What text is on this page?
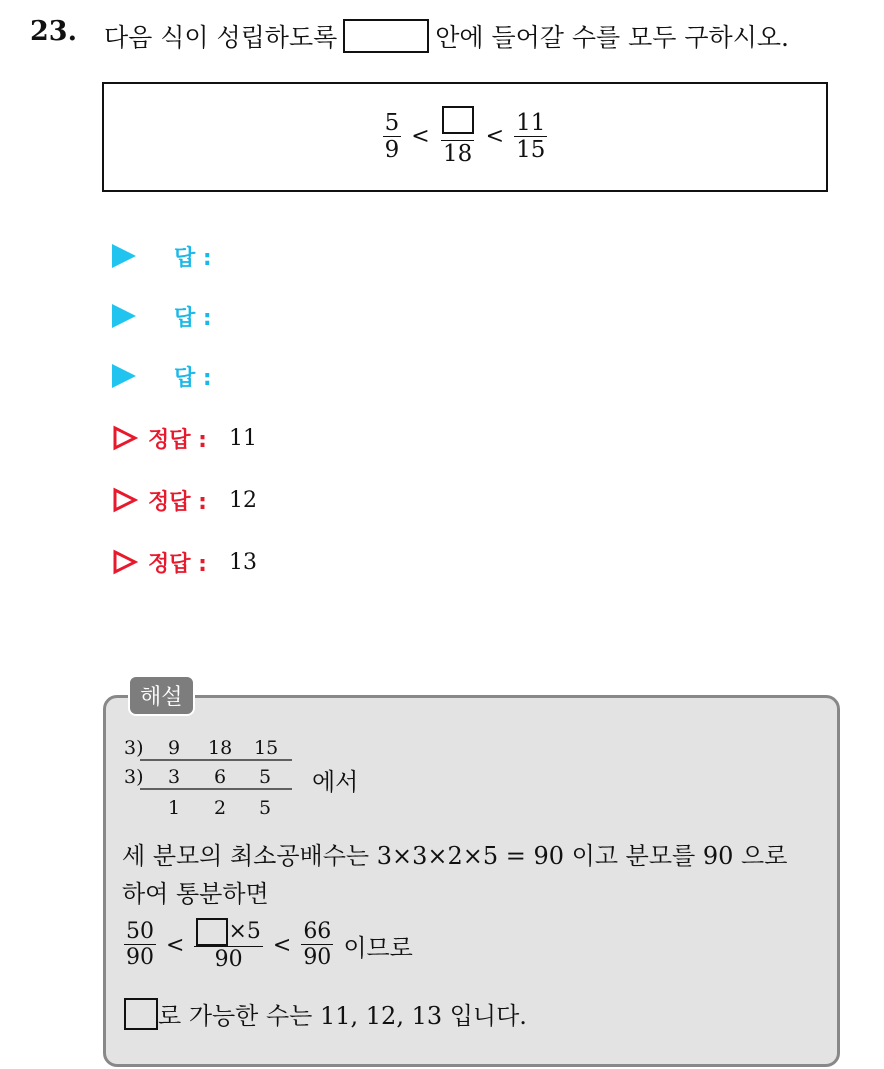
23. 다음 식이 성립하도록	안에 들어갈 수를 모두 구하시오.
$\frac{5}{9}$ <
18
< $\frac{11}{15}$
답 :
답 :
답 :
정답 : 11
정답 : 12
정답 : 13
해설
3) 9 18 15
3) 3 6 5
1 2 5
에서
세 분모의 최소공배수는 3×3×2×5 = 90 이고 분모를 90 으로
하여 통분하면
$\frac{50}{90} < \frac{\times 5}{90} < \frac{66}{90}$ 이므로
로 가능한 수는 11, 12, 13 입니다.
